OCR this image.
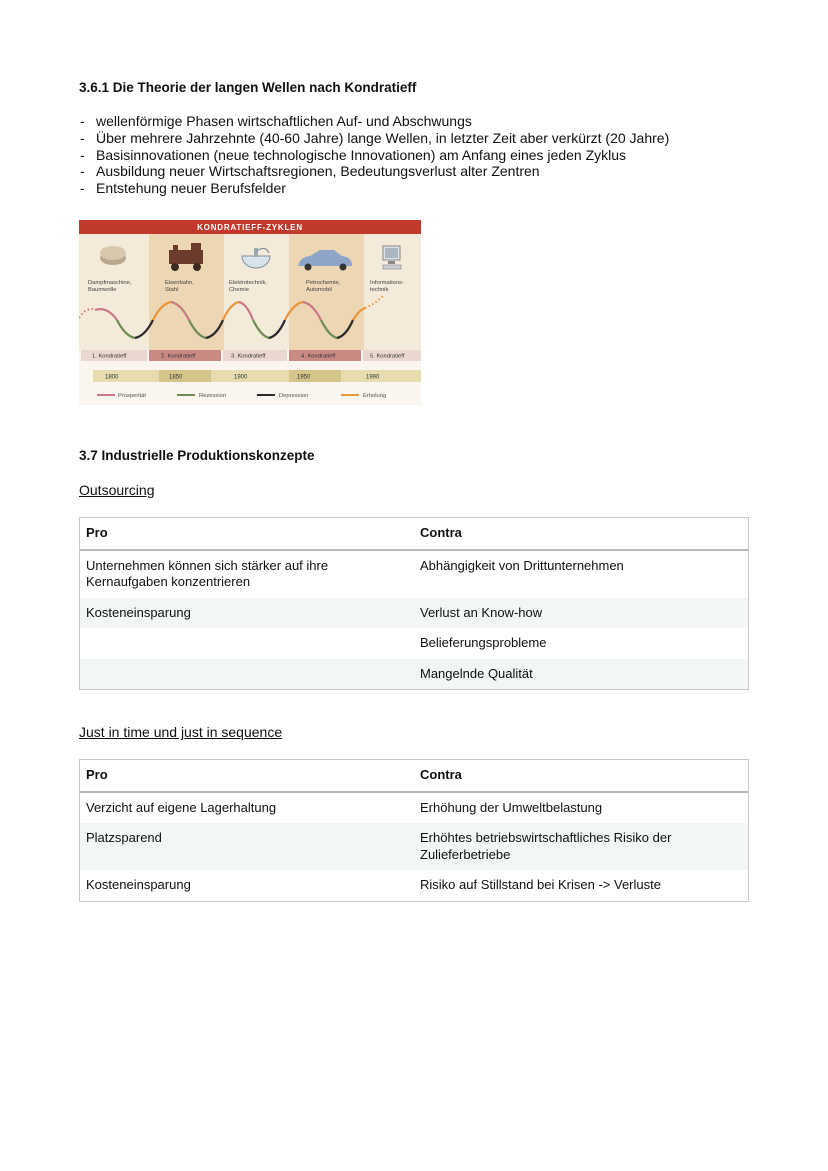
3.6.1 Die Theorie der langen Wellen nach Kondratieff
- wellenförmige Phasen wirtschaftlichen Auf- und Abschwungs
- Über mehrere Jahrzehnte (40-60 Jahre) lange Wellen, in letzter Zeit aber verkürzt (20 Jahre)
- Basisinnovationen (neue technologische Innovationen) am Anfang eines jeden Zyklus
- Ausbildung neuer Wirtschaftsregionen, Bedeutungsverlust alter Zentren
- Entstehung neuer Berufsfelder
KONDRATIEFF-ZYKLEN
Dampfmaschine, Baumwolle Eisenbahn, Stahl Elektrotechnik, Chemie Petrochemie, Automobil Informations- technik
1. Kondratieff	2. Kondratieff	3. Kondratieff	4. Kondratieff	5. Kondratieff
1800	1850	1900	1950	1990
Prosperität	Rezession	Depression	Erholung
3.7 Industrielle Produktionskonzepte
Outsourcing
Pro	Contra
Unternehmen können sich stärker auf ihre Kernaufgaben konzentrieren	Abhängigkeit von Drittunternehmen
Kosteneinsparung	Verlust an Know-how
	Belieferungsprobleme
	Mangelnde Qualität
Just in time und just in sequence
Pro	Contra
Verzicht auf eigene Lagerhaltung	Erhöhung der Umweltbelastung
Platzsparend	Erhöhtes betriebswirtschaftliches Risiko der Zulieferbetriebe
Kosteneinsparung	Risiko auf Stillstand bei Krisen -> Verluste
